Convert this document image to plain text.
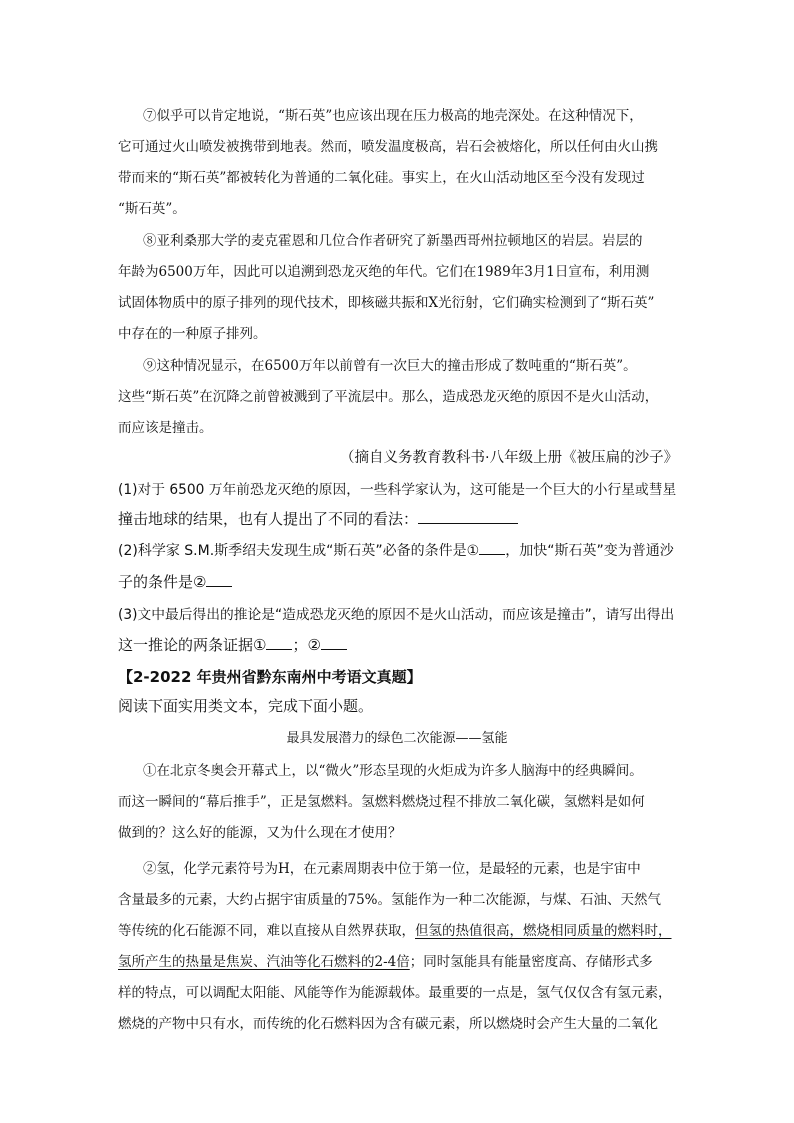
⑦似乎可以肯定地说，“斯石英”也应该出现在压力极高的地壳深处。在这种情况下，
它可通过火山喷发被携带到地表。然而，喷发温度极高，岩石会被熔化，所以任何由火山携
带而来的“斯石英”都被转化为普通的二氧化硅。事实上，在火山活动地区至今没有发现过
“斯石英”。
⑧亚利桑那大学的麦克霍恩和几位合作者研究了新墨西哥州拉顿地区的岩层。岩层的
年龄为6500万年，因此可以追溯到恐龙灭绝的年代。它们在1989年3月1日宣布，利用测
试固体物质中的原子排列的现代技术，即核磁共振和X光衍射，它们确实检测到了“斯石英”
中存在的一种原子排列。
⑨这种情况显示，在6500万年以前曾有一次巨大的撞击形成了数吨重的“斯石英”。
这些“斯石英”在沉降之前曾被溅到了平流层中。那么，造成恐龙灭绝的原因不是火山活动，
而应该是撞击。
（摘自义务教育教科书·八年级上册《被压扁的沙子》
(1)对于 6500 万年前恐龙灭绝的原因，一些科学家认为，这可能是一个巨大的小行星或彗星
撞击地球的结果，也有人提出了不同的看法：
(2)科学家 S.M.斯季绍夫发现生成“斯石英”必备的条件是① ，加快“斯石英”变为普通沙
子的条件是②
(3)文中最后得出的推论是“造成恐龙灭绝的原因不是火山活动，而应该是撞击”，请写出得出
这一推论的两条证据① ；②
【2-2022 年贵州省黔东南州中考语文真题】
阅读下面实用类文本，完成下面小题。
最具发展潜力的绿色二次能源——氢能
①在北京冬奥会开幕式上，以“微火”形态呈现的火炬成为许多人脑海中的经典瞬间。
而这一瞬间的“幕后推手”，正是氢燃料。氢燃料燃烧过程不排放二氧化碳，氢燃料是如何
做到的？这么好的能源，又为什么现在才使用？
②氢，化学元素符号为H，在元素周期表中位于第一位，是最轻的元素，也是宇宙中
含量最多的元素，大约占据宇宙质量的75%。氢能作为一种二次能源，与煤、石油、天然气
等传统的化石能源不同，难以直接从自然界获取，但氢的热值很高，燃烧相同质量的燃料时，
氢所产生的热量是焦炭、汽油等化石燃料的2-4倍；同时氢能具有能量密度高、存储形式多
样的特点，可以调配太阳能、风能等作为能源载体。最重要的一点是，氢气仅仅含有氢元素，
燃烧的产物中只有水，而传统的化石燃料因为含有碳元素，所以燃烧时会产生大量的二氧化
